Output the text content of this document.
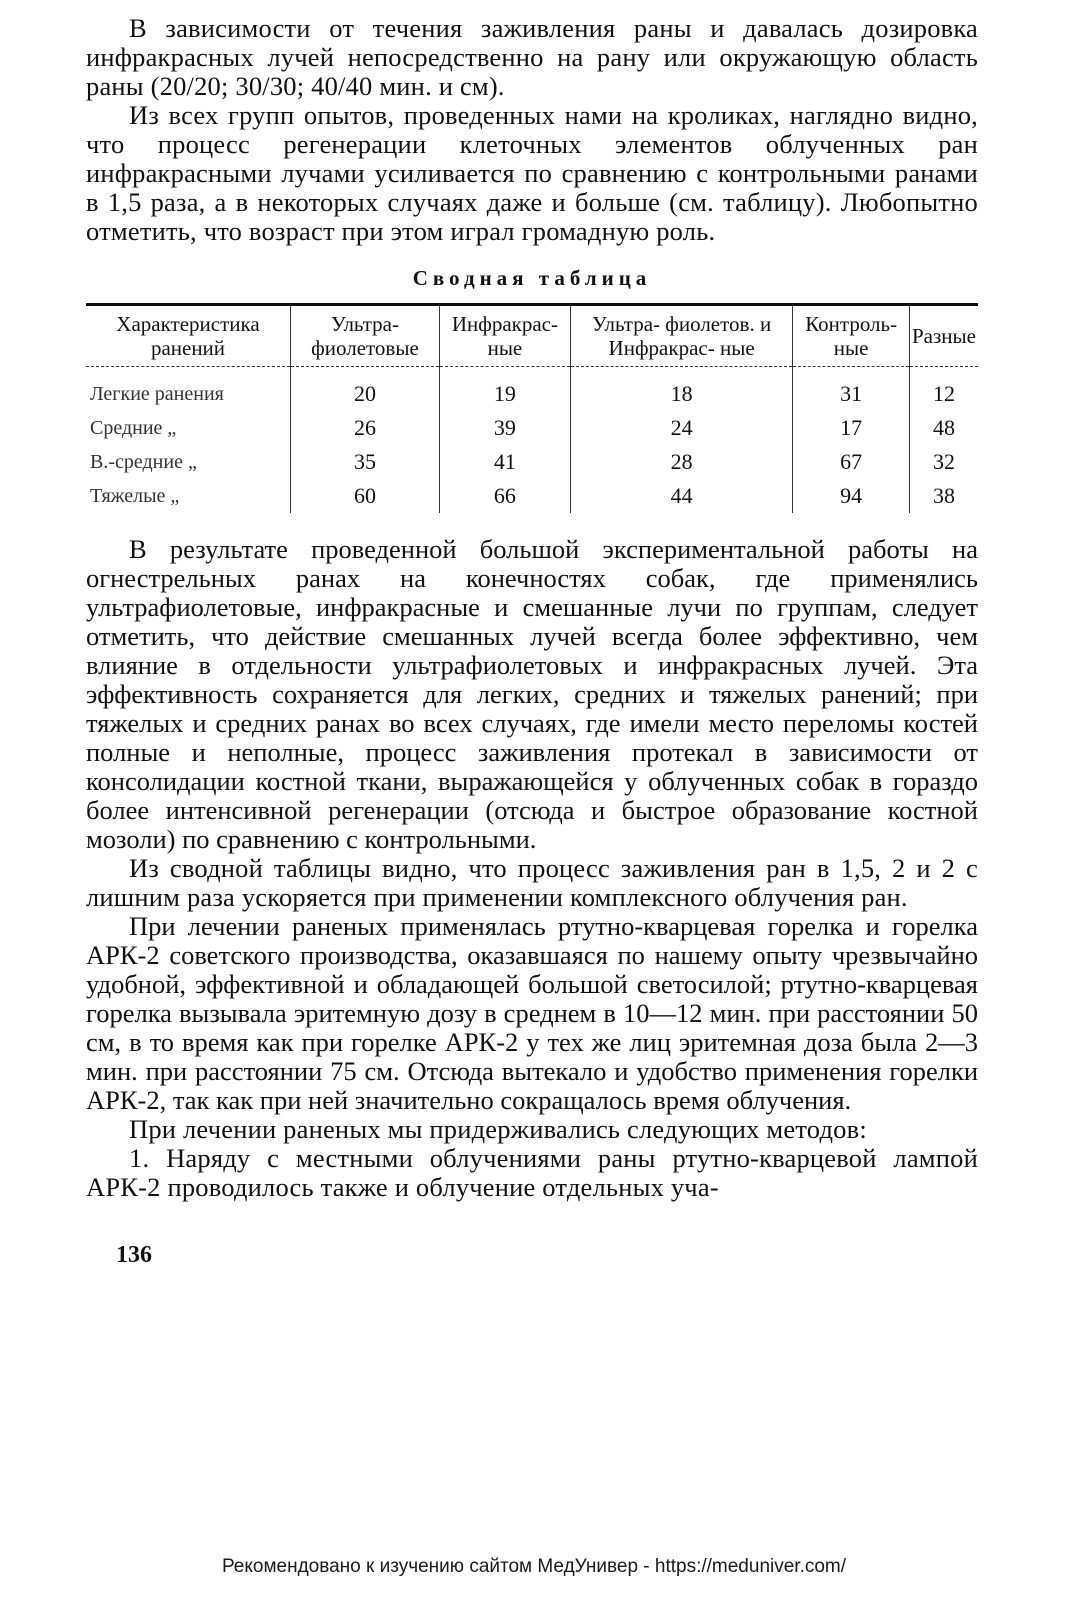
В зависимости от течения заживления раны и давалась дозировка инфракрасных лучей непосредственно на рану или окружающую область раны (20/20; 30/30; 40/40 мин. и см).

Из всех групп опытов, проведенных нами на кроликах, наглядно видно, что процесс регенерации клеточных элементов облученных ран инфракрасными лучами усиливается по сравнению с контрольными ранами в 1,5 раза, а в некоторых случаях даже и больше (см. таблицу). Любопытно отметить, что возраст при этом играл громадную роль.

Сводная таблица
Характеристика ранений	Ультра- фиолетовые	Инфракрас- ные	Ультра- фиолетов. и Инфракрас- ные	Контроль- ные	Разные
Легкие ранения	20	19	18	31	12
Средние „	26	39	24	17	48
В.-средние „	35	41	28	67	32
Тяжелые „	60	66	44	94	38

В результате проведенной большой экспериментальной работы на огнестрельных ранах на конечностях собак, где применялись ультрафиолетовые, инфракрасные и смешанные лучи по группам, следует отметить, что действие смешанных лучей всегда более эффективно, чем влияние в отдельности ультрафиолетовых и инфракрасных лучей. Эта эффективность сохраняется для легких, средних и тяжелых ранений; при тяжелых и средних ранах во всех случаях, где имели место переломы костей полные и неполные, процесс заживления протекал в зависимости от консолидации костной ткани, выражающейся у облученных собак в гораздо более интенсивной регенерации (отсюда и быстрое образование костной мозоли) по сравнению с контрольными.

Из сводной таблицы видно, что процесс заживления ран в 1,5, 2 и 2 с лишним раза ускоряется при применении комплексного облучения ран.

При лечении раненых применялась ртутно-кварцевая горелка и горелка АРК-2 советского производства, оказавшаяся по нашему опыту чрезвычайно удобной, эффективной и обладающей большой светосилой; ртутно-кварцевая горелка вызывала эритемную дозу в среднем в 10—12 мин. при расстоянии 50 см, в то время как при горелке АРК-2 у тех же лиц эритемная доза была 2—3 мин. при расстоянии 75 см. Отсюда вытекало и удобство применения горелки АРК-2, так как при ней значительно сокращалось время облучения.

При лечении раненых мы придерживались следующих методов:

1. Наряду с местными облучениями раны ртутно-кварцевой лампой АРК-2 проводилось также и облучение отдельных уча-

136
Рекомендовано к изучению сайтом МедУнивер - https://meduniver.com/
